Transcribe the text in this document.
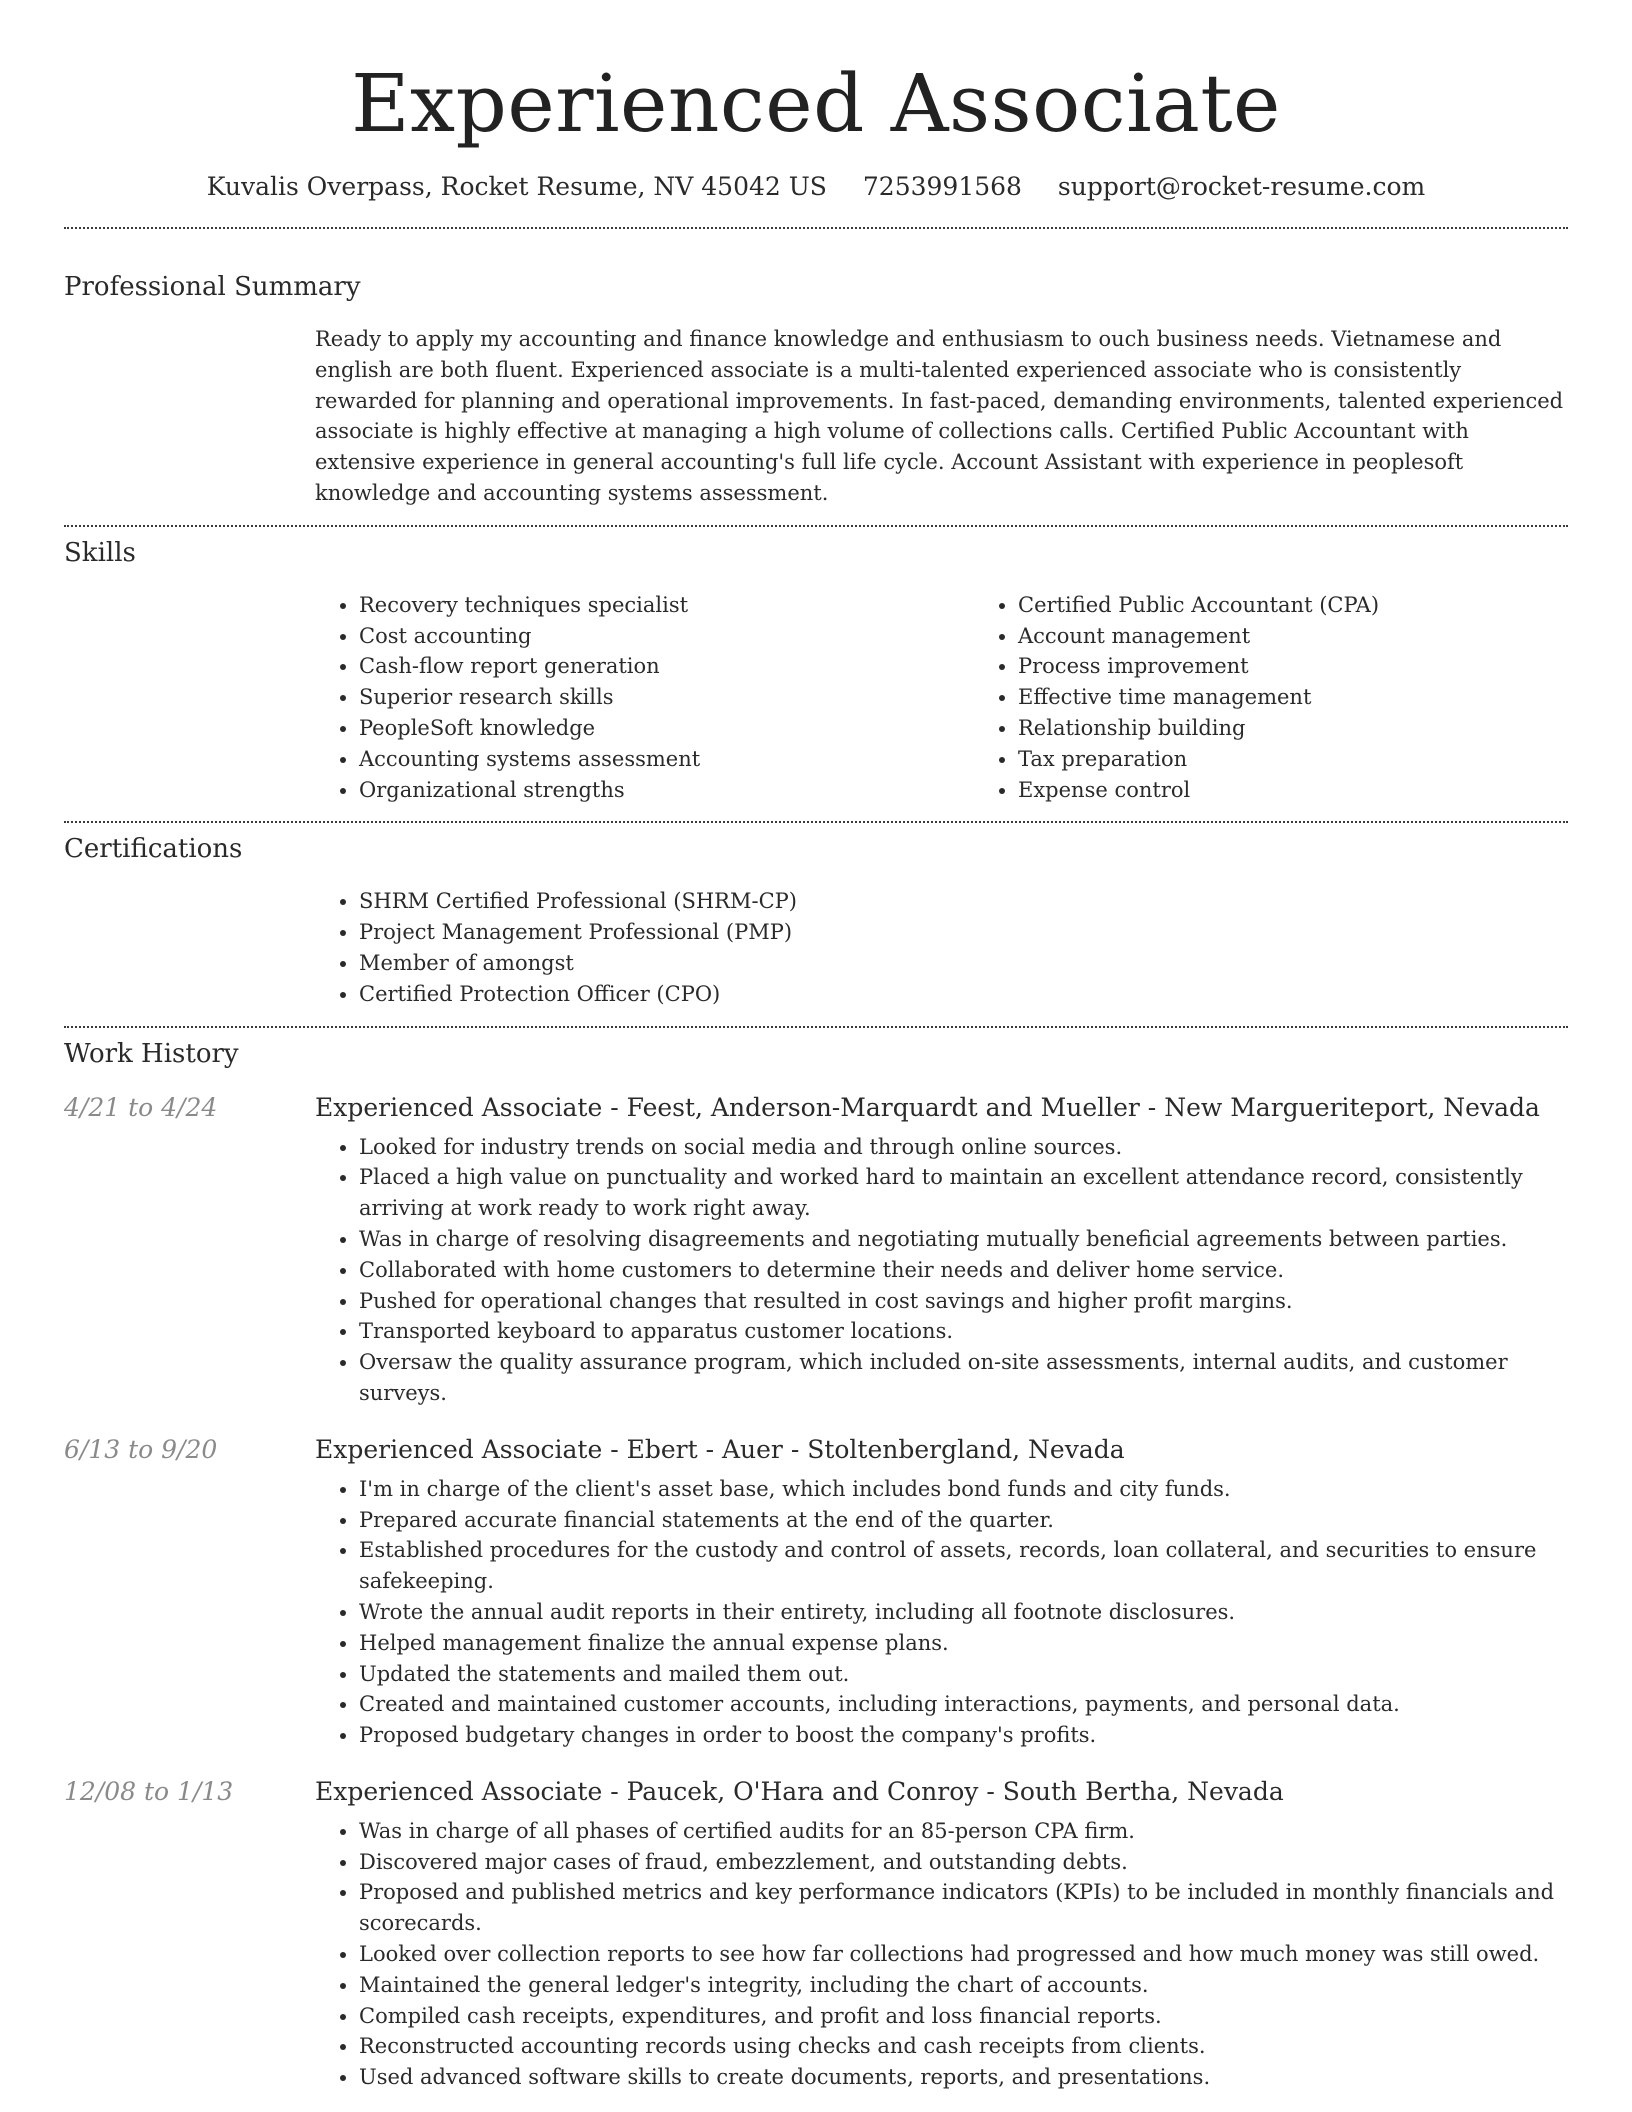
Experienced Associate
Kuvalis Overpass, Rocket Resume, NV 45042 US 7253991568 support@rocket-resume.com
Professional Summary

Ready to apply my accounting and finance knowledge and enthusiasm to ouch business needs. Vietnamese and english are both fluent. Experienced associate is a multi-talented experienced associate who is consistently rewarded for planning and operational improvements. In fast-paced, demanding environments, talented experienced associate is highly effective at managing a high volume of collections calls. Certified Public Accountant with extensive experience in general accounting's full life cycle. Account Assistant with experience in peoplesoft knowledge and accounting systems assessment.

Skills
• Recovery techniques specialist
• Cost accounting
• Cash-flow report generation
• Superior research skills
• PeopleSoft knowledge
• Accounting systems assessment
• Organizational strengths
• Certified Public Accountant (CPA)
• Account management
• Process improvement
• Effective time management
• Relationship building
• Tax preparation
• Expense control
Certifications
• SHRM Certified Professional (SHRM-CP)
• Project Management Professional (PMP)
• Member of amongst
• Certified Protection Officer (CPO)
Work History
4/21 to 4/24	Experienced Associate - Feest, Anderson-Marquardt and Mueller - New Margueriteport, Nevada
• Looked for industry trends on social media and through online sources.
• Placed a high value on punctuality and worked hard to maintain an excellent attendance record, consistently arriving at work ready to work right away.
• Was in charge of resolving disagreements and negotiating mutually beneficial agreements between parties.
• Collaborated with home customers to determine their needs and deliver home service.
• Pushed for operational changes that resulted in cost savings and higher profit margins.
• Transported keyboard to apparatus customer locations.
• Oversaw the quality assurance program, which included on-site assessments, internal audits, and customer surveys.
6/13 to 9/20	Experienced Associate - Ebert - Auer - Stoltenbergland, Nevada
• I'm in charge of the client's asset base, which includes bond funds and city funds.
• Prepared accurate financial statements at the end of the quarter.
• Established procedures for the custody and control of assets, records, loan collateral, and securities to ensure safekeeping.
• Wrote the annual audit reports in their entirety, including all footnote disclosures.
• Helped management finalize the annual expense plans.
• Updated the statements and mailed them out.
• Created and maintained customer accounts, including interactions, payments, and personal data.
• Proposed budgetary changes in order to boost the company's profits.
12/08 to 1/13	Experienced Associate - Paucek, O'Hara and Conroy - South Bertha, Nevada
• Was in charge of all phases of certified audits for an 85-person CPA firm.
• Discovered major cases of fraud, embezzlement, and outstanding debts.
• Proposed and published metrics and key performance indicators (KPIs) to be included in monthly financials and scorecards.
• Looked over collection reports to see how far collections had progressed and how much money was still owed.
• Maintained the general ledger's integrity, including the chart of accounts.
• Compiled cash receipts, expenditures, and profit and loss financial reports.
• Reconstructed accounting records using checks and cash receipts from clients.
• Used advanced software skills to create documents, reports, and presentations.
